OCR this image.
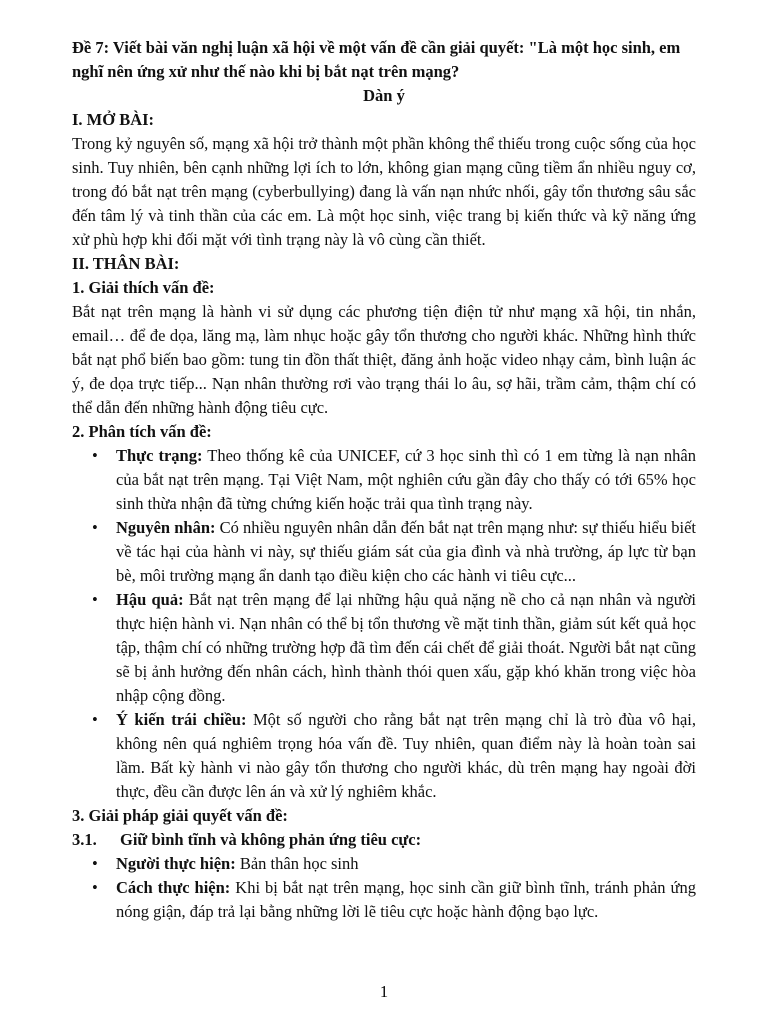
Đề 7: Viết bài văn nghị luận xã hội về một vấn đề cần giải quyết: "Là một học sinh, em nghĩ nên ứng xử như thế nào khi bị bắt nạt trên mạng?

Dàn ý

I. MỞ BÀI:

Trong kỷ nguyên số, mạng xã hội trở thành một phần không thể thiếu trong cuộc sống của học sinh. Tuy nhiên, bên cạnh những lợi ích to lớn, không gian mạng cũng tiềm ẩn nhiều nguy cơ, trong đó bắt nạt trên mạng (cyberbullying) đang là vấn nạn nhức nhối, gây tổn thương sâu sắc đến tâm lý và tinh thần của các em. Là một học sinh, việc trang bị kiến thức và kỹ năng ứng xử phù hợp khi đối mặt với tình trạng này là vô cùng cần thiết.

II. THÂN BÀI:

1. Giải thích vấn đề:

Bắt nạt trên mạng là hành vi sử dụng các phương tiện điện tử như mạng xã hội, tin nhắn, email… để đe dọa, lăng mạ, làm nhục hoặc gây tổn thương cho người khác. Những hình thức bắt nạt phổ biến bao gồm: tung tin đồn thất thiệt, đăng ảnh hoặc video nhạy cảm, bình luận ác ý, đe dọa trực tiếp... Nạn nhân thường rơi vào trạng thái lo âu, sợ hãi, trầm cảm, thậm chí có thể dẫn đến những hành động tiêu cực.

2. Phân tích vấn đề:

• Thực trạng: Theo thống kê của UNICEF, cứ 3 học sinh thì có 1 em từng là nạn nhân của bắt nạt trên mạng. Tại Việt Nam, một nghiên cứu gần đây cho thấy có tới 65% học sinh thừa nhận đã từng chứng kiến hoặc trải qua tình trạng này.
• Nguyên nhân: Có nhiều nguyên nhân dẫn đến bắt nạt trên mạng như: sự thiếu hiểu biết về tác hại của hành vi này, sự thiếu giám sát của gia đình và nhà trường, áp lực từ bạn bè, môi trường mạng ẩn danh tạo điều kiện cho các hành vi tiêu cực...
• Hậu quả: Bắt nạt trên mạng để lại những hậu quả nặng nề cho cả nạn nhân và người thực hiện hành vi. Nạn nhân có thể bị tổn thương về mặt tinh thần, giảm sút kết quả học tập, thậm chí có những trường hợp đã tìm đến cái chết để giải thoát. Người bắt nạt cũng sẽ bị ảnh hưởng đến nhân cách, hình thành thói quen xấu, gặp khó khăn trong việc hòa nhập cộng đồng.
• Ý kiến trái chiều: Một số người cho rằng bắt nạt trên mạng chỉ là trò đùa vô hại, không nên quá nghiêm trọng hóa vấn đề. Tuy nhiên, quan điểm này là hoàn toàn sai lầm. Bất kỳ hành vi nào gây tổn thương cho người khác, dù trên mạng hay ngoài đời thực, đều cần được lên án và xử lý nghiêm khắc.

3. Giải pháp giải quyết vấn đề:

3.1.	Giữ bình tĩnh và không phản ứng tiêu cực:

• Người thực hiện: Bản thân học sinh
• Cách thực hiện: Khi bị bắt nạt trên mạng, học sinh cần giữ bình tĩnh, tránh phản ứng nóng giận, đáp trả lại bằng những lời lẽ tiêu cực hoặc hành động bạo lực.
1
